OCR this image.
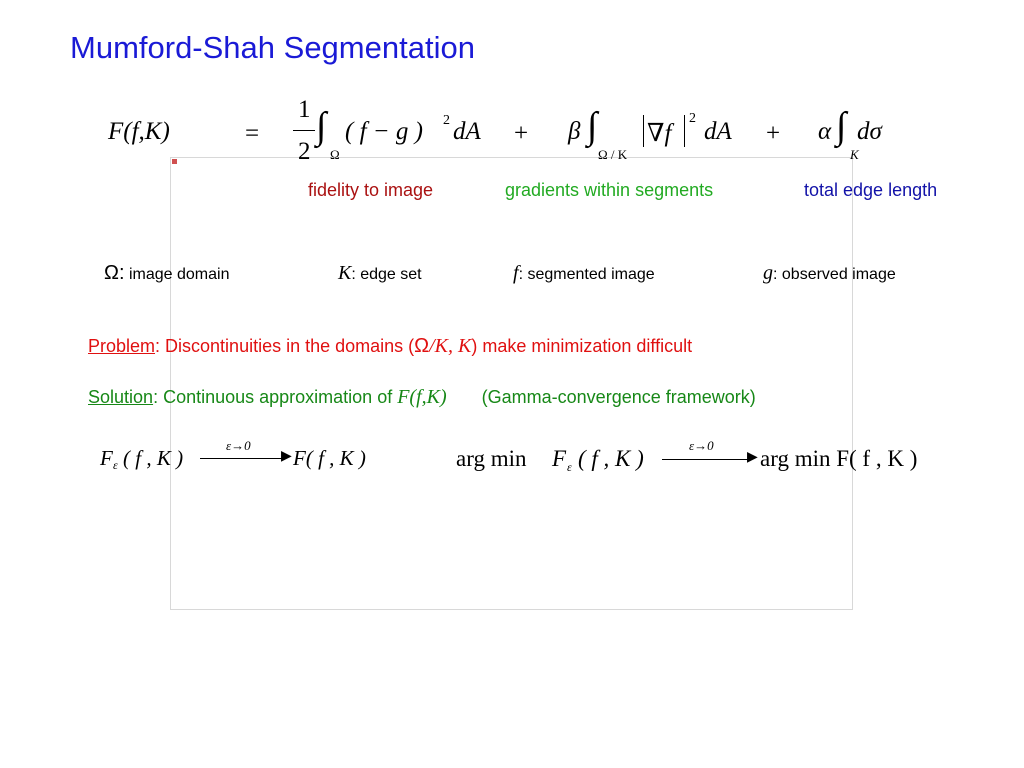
Mumford-Shah Segmentation
F(f,K)	=
1
2
∫
Ω
( f − g ) 2 dA + β ∫
Ω / K
∇f
2 dA + α ∫
K
dσ
fidelity to image	gradients within segments	total edge length
Ω: image domain	K: edge set	f: segmented image	g: observed image
Problem: Discontinuities in the domains (Ω/K, K) make minimization difficult
Solution: Continuous approximation of F(f,K)       (Gamma-convergence framework)
F ε ( f , K )
ε→0
▶ F( f , K )	arg min F ε ( f , K )
ε→0
▶ arg min F( f , K )
